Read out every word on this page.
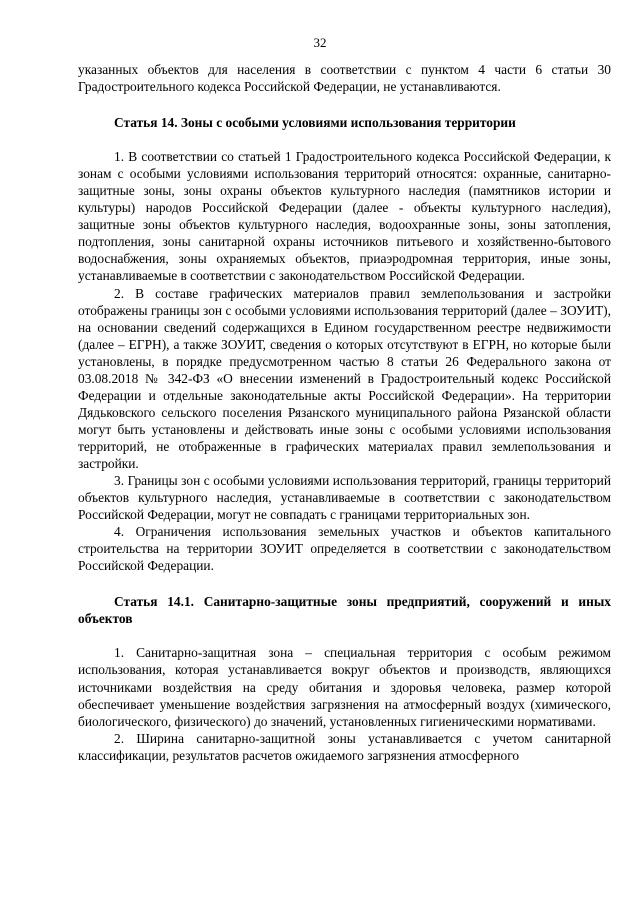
32

указанных объектов для населения в соответствии с пунктом 4 части 6 статьи 30 Градостроительного кодекса Российской Федерации, не устанавливаются.

Статья 14. Зоны с особыми условиями использования территории

1. В соответствии со статьей 1 Градостроительного кодекса Российской Федерации, к зонам с особыми условиями использования территорий относятся: охранные, санитарно-защитные зоны, зоны охраны объектов культурного наследия (памятников истории и культуры) народов Российской Федерации (далее - объекты культурного наследия), защитные зоны объектов культурного наследия, водоохранные зоны, зоны затопления, подтопления, зоны санитарной охраны источников питьевого и хозяйственно-бытового водоснабжения, зоны охраняемых объектов, приаэродромная территория, иные зоны, устанавливаемые в соответствии с законодательством Российской Федерации.

2. В составе графических материалов правил землепользования и застройки отображены границы зон с особыми условиями использования территорий (далее – ЗОУИТ), на основании сведений содержащихся в Едином государственном реестре недвижимости (далее – ЕГРН), а также ЗОУИТ, сведения о которых отсутствуют в ЕГРН, но которые были установлены, в порядке предусмотренном частью 8 статьи 26 Федерального закона от 03.08.2018 № 342-ФЗ «О внесении изменений в Градостроительный кодекс Российской Федерации и отдельные законодательные акты Российской Федерации». На территории Дядьковского сельского поселения Рязанского муниципального района Рязанской области могут быть установлены и действовать иные зоны с особыми условиями использования территорий, не отображенные в графических материалах правил землепользования и застройки.

3. Границы зон с особыми условиями использования территорий, границы территорий объектов культурного наследия, устанавливаемые в соответствии с законодательством Российской Федерации, могут не совпадать с границами территориальных зон.

4. Ограничения использования земельных участков и объектов капитального строительства на территории ЗОУИТ определяется в соответствии с законодательством Российской Федерации.

Статья 14.1. Санитарно-защитные зоны предприятий, сооружений и иных объектов

1. Санитарно-защитная зона – специальная территория с особым режимом использования, которая устанавливается вокруг объектов и производств, являющихся источниками воздействия на среду обитания и здоровья человека, размер которой обеспечивает уменьшение воздействия загрязнения на атмосферный воздух (химического, биологического, физического) до значений, установленных гигиеническими нормативами.

2. Ширина санитарно-защитной зоны устанавливается с учетом санитарной классификации, результатов расчетов ожидаемого загрязнения атмосферного
